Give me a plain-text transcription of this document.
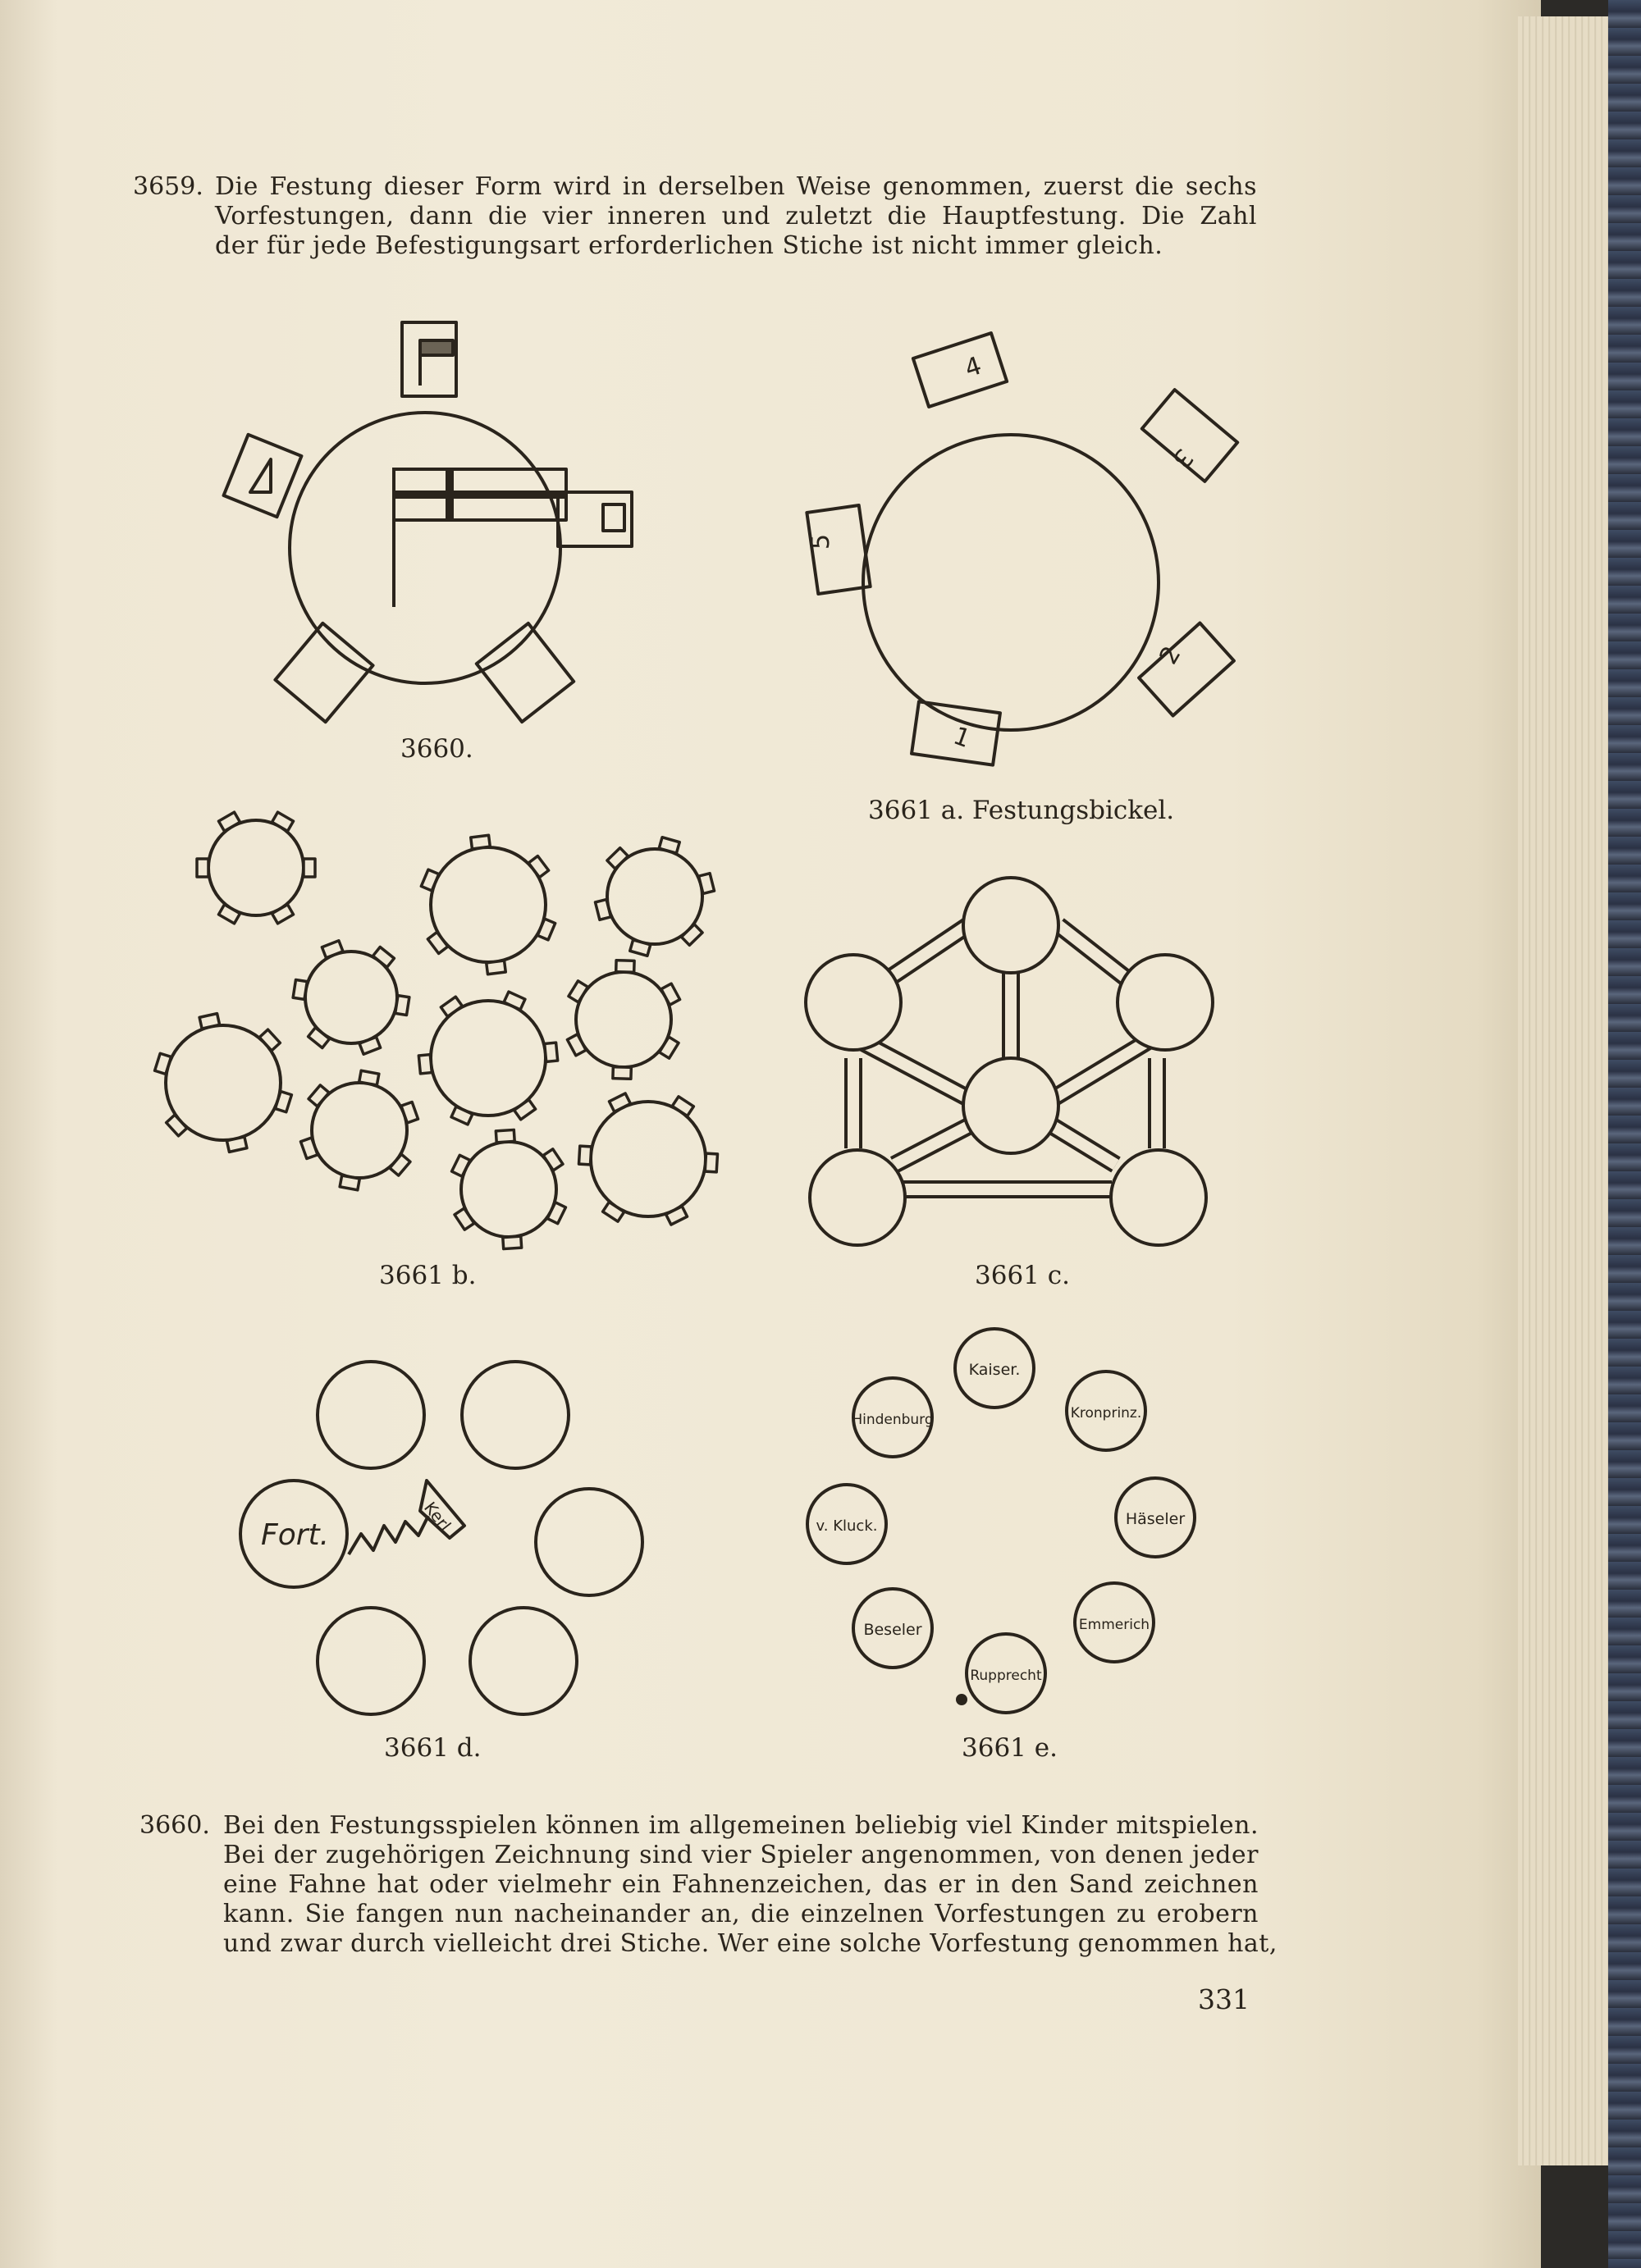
3659. Die Festung dieser Form wird in derselben Weise genommen, zuerst die sechs
Vorfestungen, dann die vier inneren und zuletzt die Hauptfestung. Die Zahl
der für jede Befestigungsart erforderlichen Stiche ist nicht immer gleich.
4
3
5
2
1
Fort.
Kerl
Kaiser.
Hindenburg	Kronprinz.
v. Kluck.	Häseler
Beseler	Emmerich
Rupprecht
3660.
3661 a. Festungsbickel.
3661 b.	3661 c.
3661 d.	3661 e.
3660. Bei den Festungsspielen können im allgemeinen beliebig viel Kinder mitspielen.
Bei der zugehörigen Zeichnung sind vier Spieler angenommen, von denen jeder
eine Fahne hat oder vielmehr ein Fahnenzeichen, das er in den Sand zeichnen
kann. Sie fangen nun nacheinander an, die einzelnen Vorfestungen zu erobern
und zwar durch vielleicht drei Stiche. Wer eine solche Vorfestung genommen hat,
331
